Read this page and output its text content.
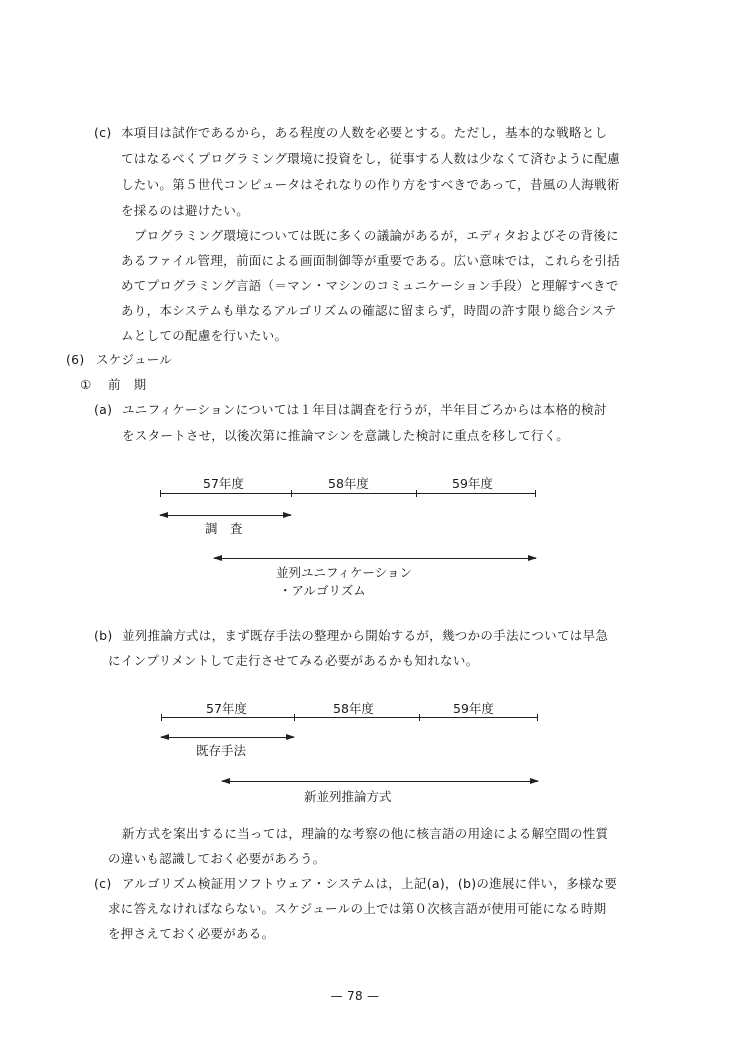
(c) 本項目は試作であるから，ある程度の人数を必要とする。ただし，基本的な戦略とし
てはなるべくプログラミング環境に投資をし，従事する人数は少なくて済むように配慮
したい。第５世代コンピュータはそれなりの作り方をすべきであって，昔風の人海戦術
を採るのは避けたい。
プログラミング環境については既に多くの議論があるが，エディタおよびその背後に
あるファイル管理，前面による画面制御等が重要である。広い意味では，これらを引括
めてプログラミング言語（＝マン・マシンのコミュニケーション手段）と理解すべきで
あり，本システムも単なるアルゴリズムの確認に留まらず，時間の許す限り総合システ
ムとしての配慮を行いたい。
(6) スケジュール
① 前　期
(a) ユニフィケーションについては１年目は調査を行うが，半年目ごろからは本格的検討
をスタートさせ，以後次第に推論マシンを意識した検討に重点を移して行く。
57年度	58年度	59年度
調　査
並列ユニフィケーション
・アルゴリズム
(b) 並列推論方式は，まず既存手法の整理から開始するが，幾つかの手法については早急
にインプリメントして走行させてみる必要があるかも知れない。
57年度	58年度	59年度
既存手法
新並列推論方式
新方式を案出するに当っては，理論的な考察の他に核言語の用途による解空間の性質
の違いも認識しておく必要があろう。
(c) アルゴリズム検証用ソフトウェア・システムは，上記(a)，(b)の進展に伴い，多様な要
求に答えなければならない。スケジュールの上では第０次核言語が使用可能になる時期
を押さえておく必要がある。
— 78 —
